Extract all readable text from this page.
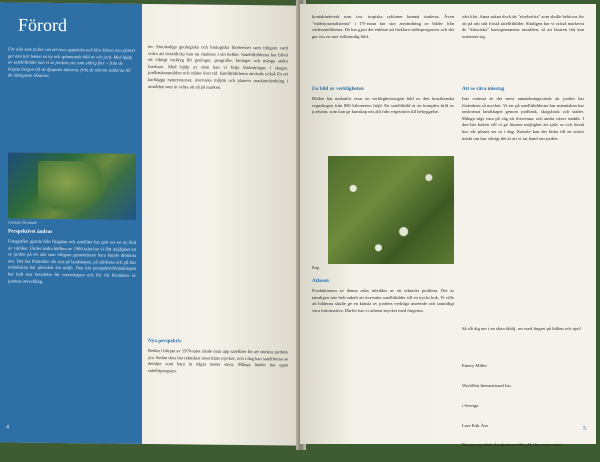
Förord
För alla som tycker om att resa, upptäcka och lära känna nya platser ger den här boken en ny och spännande bild av vår jord. Med hjälp av satellitbilder kan vi se jordens yta som aldrig förr – från de högsta bergen till de djupaste dalarna, från de största städerna till de ödsligaste öknarna.
Centrala Skottland
Perspektivet ändras
Fotografier gjorda från flygplan och satelliter har gett oss en ny bild av världen. Under andra hälften av 1900-talet har vi fått möjlighet att se jorden på ett sätt som tidigare generationer bara kunde drömma om. Det har förändrat vår syn på landskapet, på städerna och på hur människan har påverkat sin miljö. Den här perspektivförändringen har haft stor betydelse för vetenskapen och för vår förståelse av jordens utveckling.
ter. Storskaliga geologiska och biologiska företeelser som tidigare varit svåra att överblicka kan nu studeras i sin helhet. Satellitbilderna har blivit ett viktigt verktyg för geologer, geografer, biologer och många andra forskare. Med hjälp av dem kan vi följa förändringar i skogar, jordbruksområden och städer över tid. Satellitbilderna används också för att kartlägga naturresurser, övervaka miljön och planera markanvändning i områden som är svåra att nå på marken.
Nya perspektiv
Redan i början av 1970-talet sände man upp satelliter för att studera jordens yta. Sedan dess har tekniken utvecklats mycket, och i dag kan satelliterna se detaljer som bara är några meter stora. Många länder har egna satellitprogram.
4
kontaktnätverk som t.ex. tropiska cykloner kunnat studeras. Även "väderjournalisterna" i TV-rutan har stor användning av bilder från vädersatelliterna. De har gjort det enklare att förklara väderprognoser och det ger oss en mer fullständig bild.
En bild av verkligheten
Bilden här nedanför visar en verklighetstrogen bild av den brasilianska regnskogen från 800 kilometers höjd. En satellitbild är en komplex bild av jordytan, som kan ge kunskap om allt från vegetation till bebyggelse.
Prag
Atlasen
Produktionen av denna atlas inleddes av ett tekniskt problem. Det är nämligen inte helt enkelt att översätta satellitbilder till en tryckt bok. Vi ville att bilderna skulle ge en känsla av jordens verkliga utseende och samtidigt vara informativa. Därför har vi arbetat mycket med färgerna.
vårt klot. Anna sakna dock de "rörelsefria" som skulle behövas för att på rätt sätt förstå satellitbilder. Slutligen har vi också markerat de "klassiska" kartogrammens områden, så att läsaren lätt kan orientera sig.
Att se våra misstag
Inte oväntat är det mest anmärkningsvärda att jorden har förändrats så mycket. Vi ser på satellitbilderna hur människan har omformat landskapet genom jordbruk, skogsbruk och städer. Många sägs vara på väg att försvinna, och andra växer snabbt. I den här boken vill vi ge läsaren möjlighet att själv se och förstå hur vår planet ser ut i dag. Kanske kan det bidra till en större insikt om hur viktigt det är att vi tar hand om jorden.
Så slå dig ner i en skön fåtölj, res med fingret på bilden och njut!

Emery Miller

WorldSat International Inc.

i Sverige

Lars-Erik Åse

Naturgeografiska Institutionen/Stockholms universitet

5
